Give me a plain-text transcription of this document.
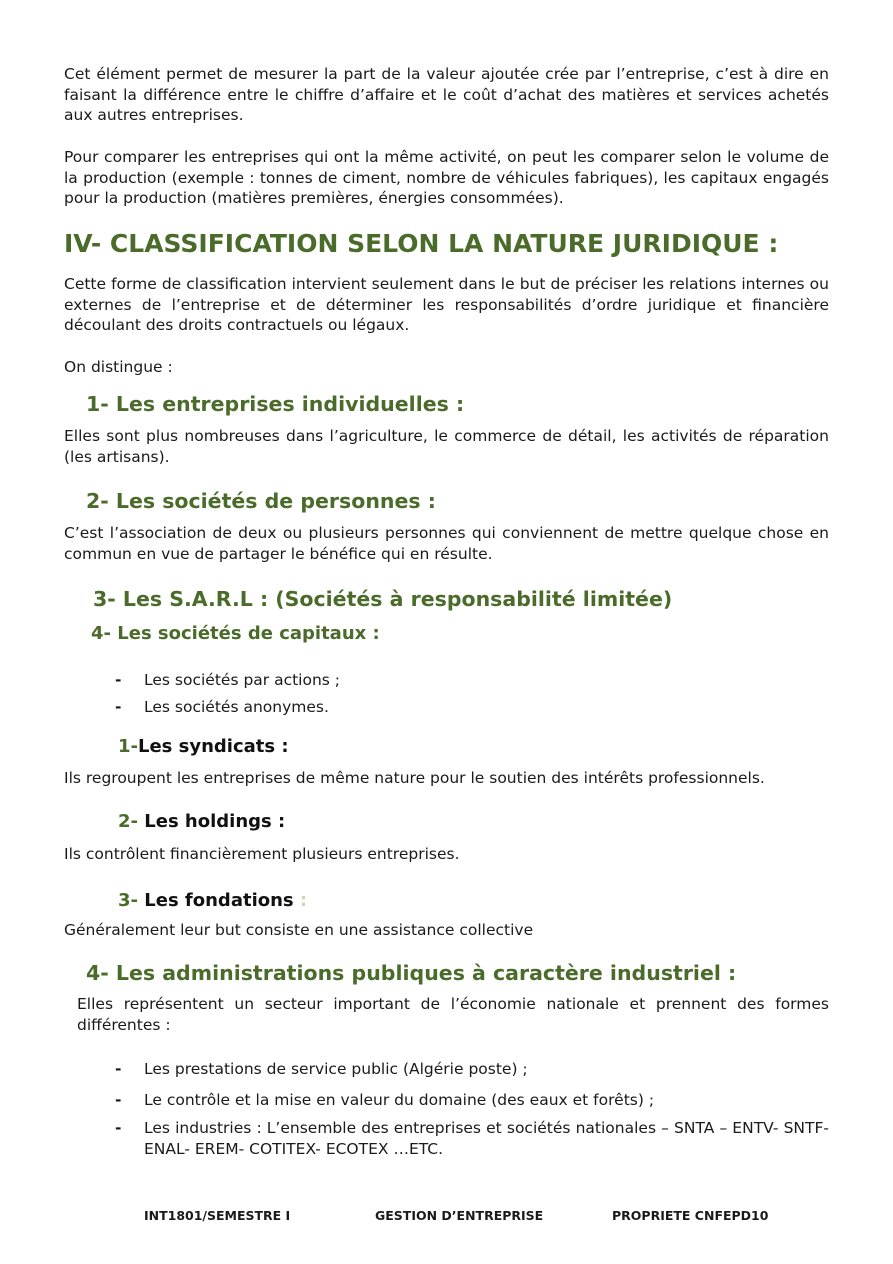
Cet élément permet de mesurer la part de la valeur ajoutée crée par l’entreprise, c’est à dire en faisant la différence entre le chiffre d’affaire et le coût d’achat des matières et services achetés aux autres entreprises.

Pour comparer les entreprises qui ont la même activité, on peut les comparer selon le volume de la production (exemple : tonnes de ciment, nombre de véhicules fabriques), les capitaux engagés pour la production (matières premières, énergies consommées).

IV- CLASSIFICATION SELON LA NATURE JURIDIQUE :

Cette forme de classification intervient seulement dans le but de préciser les relations internes ou externes de l’entreprise et de déterminer les responsabilités d’ordre juridique et financière découlant des droits contractuels ou légaux.

On distingue :

1- Les entreprises individuelles :

Elles sont plus nombreuses dans l’agriculture, le commerce de détail, les activités de réparation (les artisans).

2- Les sociétés de personnes :

C’est l’association de deux ou plusieurs personnes qui conviennent de mettre quelque chose en commun en vue de partager le bénéfice qui en résulte.

3- Les S.A.R.L : (Sociétés à responsabilité limitée)
4- Les sociétés de capitaux :
- Les sociétés par actions ;
- Les sociétés anonymes.
1-Les syndicats :

Ils regroupent les entreprises de même nature pour le soutien des intérêts professionnels.

2- Les holdings :

Ils contrôlent financièrement plusieurs entreprises.

3- Les fondations :

Généralement leur but consiste en une assistance collective

4- Les administrations publiques à caractère industriel :

Elles représentent un secteur important de l’économie nationale et prennent des formes différentes :

- Les prestations de service public (Algérie poste) ;
- Le contrôle et la mise en valeur du domaine (des eaux et forêts) ;
- Les industries : L’ensemble des entreprises et sociétés nationales – SNTA – ENTV- SNTF- ENAL- EREM- COTITEX- ECOTEX …ETC.
INT1801/SEMESTRE I	GESTION D’ENTREPRISE	PROPRIETE CNFEPD 10
